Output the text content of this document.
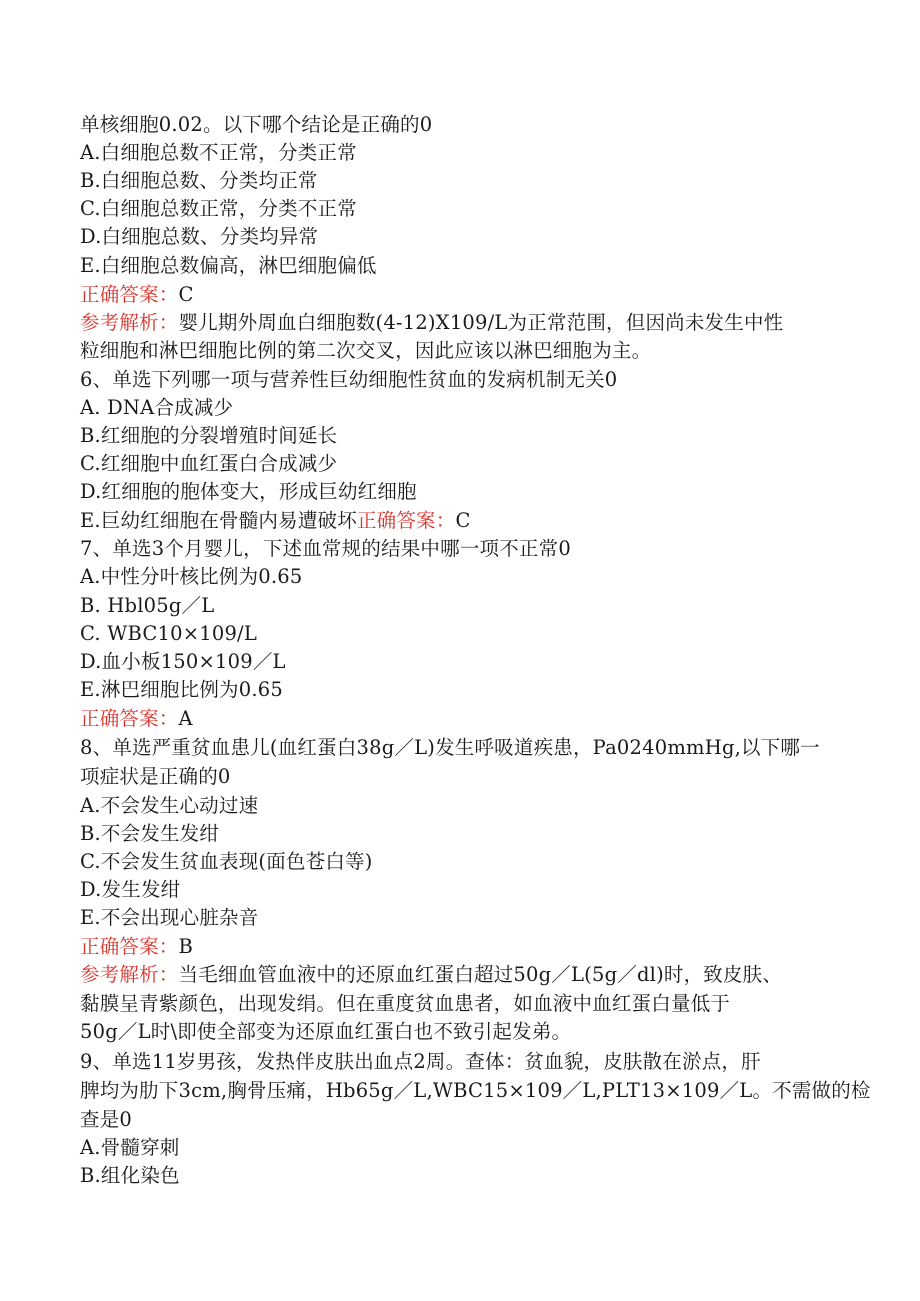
单核细胞0.02。以下哪个结论是正确的0
A.白细胞总数不正常，分类正常
B.白细胞总数、分类均正常
C.白细胞总数正常，分类不正常
D.白细胞总数、分类均异常
E.白细胞总数偏高，淋巴细胞偏低
正确答案：C
参考解析：婴儿期外周血白细胞数(4-12)X109/L为正常范围，但因尚未发生中性
粒细胞和淋巴细胞比例的第二次交叉，因此应该以淋巴细胞为主。
6、单选下列哪一项与营养性巨幼细胞性贫血的发病机制无关0
A. DNA合成减少
B.红细胞的分裂增殖时间延长
C.红细胞中血红蛋白合成减少
D.红细胞的胞体变大，形成巨幼红细胞
E.巨幼红细胞在骨髓内易遭破坏正确答案：C
7、单选3个月婴儿，下述血常规的结果中哪一项不正常0
A.中性分叶核比例为0.65
B. Hbl05g／L
C. WBC10×109/L
D.血小板150×109／L
E.淋巴细胞比例为0.65
正确答案：A
8、单选严重贫血患儿(血红蛋白38g／L)发生呼吸道疾患，Pa0240mmHg,以下哪一
项症状是正确的0
A.不会发生心动过速
B.不会发生发绀
C.不会发生贫血表现(面色苍白等)
D.发生发绀
E.不会出现心脏杂音
正确答案：B
参考解析：当毛细血管血液中的还原血红蛋白超过50g／L(5g／dl)时，致皮肤、
黏膜呈青紫颜色，出现发绢。但在重度贫血患者，如血液中血红蛋白量低于
50g／L时\即使全部变为还原血红蛋白也不致引起发弟。
9、单选11岁男孩，发热伴皮肤出血点2周。查体：贫血貌，皮肤散在淤点，肝
脾均为肋下3cm,胸骨压痛，Hb65g／L,WBC15×109／L,PLT13×109／L。不需做的检
查是0
A.骨髓穿刺
B.组化染色
